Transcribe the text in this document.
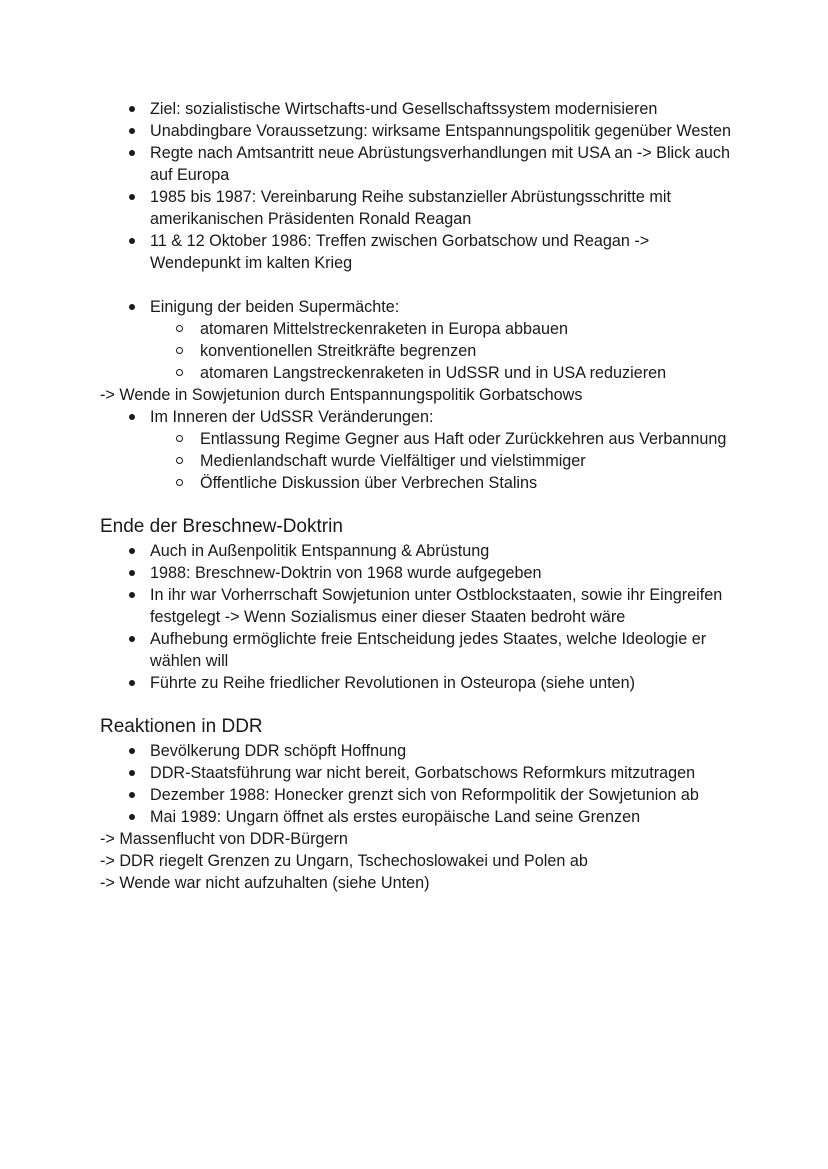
Ziel: sozialistische Wirtschafts-und Gesellschaftssystem modernisieren
Unabdingbare Voraussetzung: wirksame Entspannungspolitik gegenüber Westen
Regte nach Amtsantritt neue Abrüstungsverhandlungen mit USA an -> Blick auch auf Europa
1985 bis 1987: Vereinbarung Reihe substanzieller Abrüstungsschritte mit amerikanischen Präsidenten Ronald Reagan
11 & 12 Oktober 1986: Treffen zwischen Gorbatschow und Reagan -> Wendepunkt im kalten Krieg
Einigung der beiden Supermächte:
atomaren Mittelstreckenraketen in Europa abbauen
konventionellen Streitkräfte begrenzen
atomaren Langstreckenraketen in UdSSR und in USA reduzieren
-> Wende in Sowjetunion durch Entspannungspolitik Gorbatschows
Im Inneren der UdSSR Veränderungen:
Entlassung Regime Gegner aus Haft oder Zurückkehren aus Verbannung
Medienlandschaft wurde Vielfältiger und vielstimmiger
Öffentliche Diskussion über Verbrechen Stalins
Ende der Breschnew-Doktrin
Auch in Außenpolitik Entspannung & Abrüstung
1988: Breschnew-Doktrin von 1968 wurde aufgegeben
In ihr war Vorherrschaft Sowjetunion unter Ostblockstaaten, sowie ihr Eingreifen festgelegt -> Wenn Sozialismus einer dieser Staaten bedroht wäre
Aufhebung ermöglichte freie Entscheidung jedes Staates, welche Ideologie er wählen will
Führte zu Reihe friedlicher Revolutionen in Osteuropa (siehe unten)
Reaktionen in DDR
Bevölkerung DDR schöpft Hoffnung
DDR-Staatsführung war nicht bereit, Gorbatschows Reformkurs mitzutragen
Dezember 1988: Honecker grenzt sich von Reformpolitik der Sowjetunion ab
Mai 1989: Ungarn öffnet als erstes europäische Land seine Grenzen
-> Massenflucht von DDR-Bürgern
-> DDR riegelt Grenzen zu Ungarn, Tschechoslowakei und Polen ab
-> Wende war nicht aufzuhalten (siehe Unten)
